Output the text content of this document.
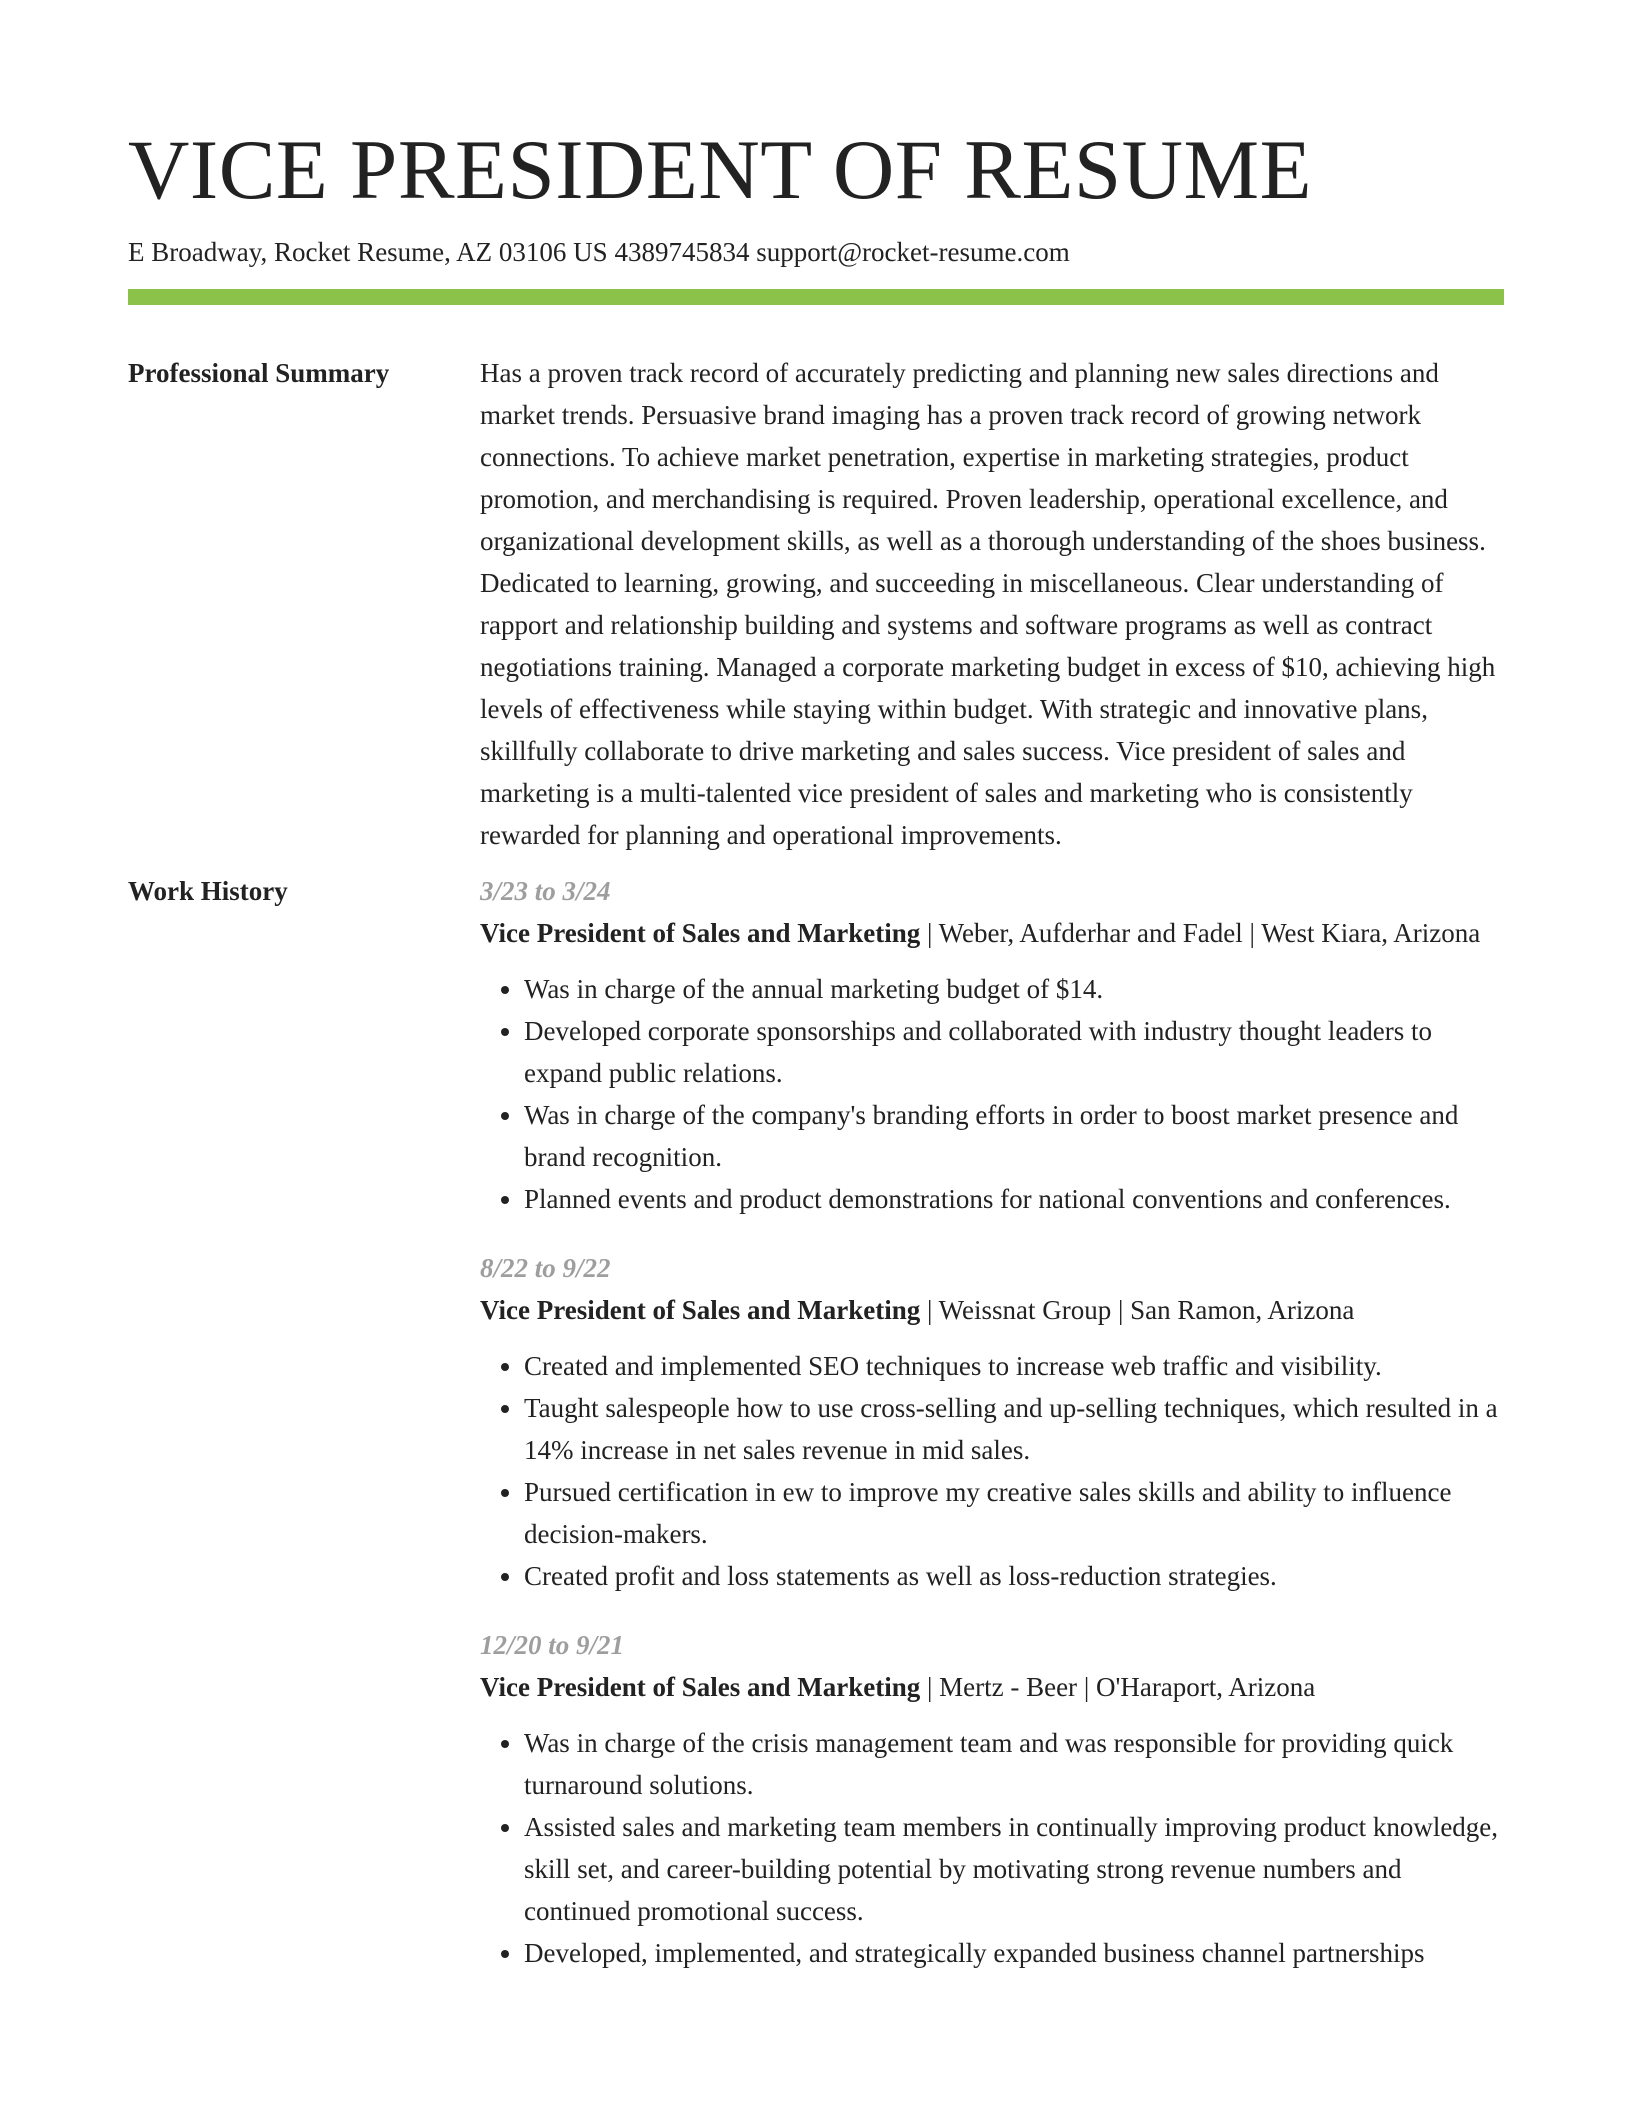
VICE PRESIDENT OF RESUME
E Broadway, Rocket Resume, AZ 03106 US 4389745834 support@rocket-resume.com
Professional Summary	Has a proven track record of accurately predicting and planning new sales directions and market trends. Persuasive brand imaging has a proven track record of growing network connections. To achieve market penetration, expertise in marketing strategies, product promotion, and merchandising is required. Proven leadership, operational excellence, and organizational development skills, as well as a thorough understanding of the shoes business. Dedicated to learning, growing, and succeeding in miscellaneous. Clear understanding of rapport and relationship building and systems and software programs as well as contract negotiations training. Managed a corporate marketing budget in excess of $10, achieving high levels of effectiveness while staying within budget. With strategic and innovative plans, skillfully collaborate to drive marketing and sales success. Vice president of sales and marketing is a multi-talented vice president of sales and marketing who is consistently rewarded for planning and operational improvements.

Work History	3/23 to 3/24
Vice President of Sales and Marketing | Weber, Aufderhar and Fadel | West Kiara, Arizona
• Was in charge of the annual marketing budget of $14.
• Developed corporate sponsorships and collaborated with industry thought leaders to expand public relations.
• Was in charge of the company's branding efforts in order to boost market presence and brand recognition.
• Planned events and product demonstrations for national conventions and conferences.
8/22 to 9/22
Vice President of Sales and Marketing | Weissnat Group | San Ramon, Arizona
• Created and implemented SEO techniques to increase web traffic and visibility.
• Taught salespeople how to use cross-selling and up-selling techniques, which resulted in a 14% increase in net sales revenue in mid sales.
• Pursued certification in ew to improve my creative sales skills and ability to influence decision-makers.
• Created profit and loss statements as well as loss-reduction strategies.
12/20 to 9/21
Vice President of Sales and Marketing | Mertz - Beer | O'Haraport, Arizona
• Was in charge of the crisis management team and was responsible for providing quick turnaround solutions.
• Assisted sales and marketing team members in continually improving product knowledge, skill set, and career-building potential by motivating strong revenue numbers and continued promotional success.
• Developed, implemented, and strategically expanded business channel partnerships
